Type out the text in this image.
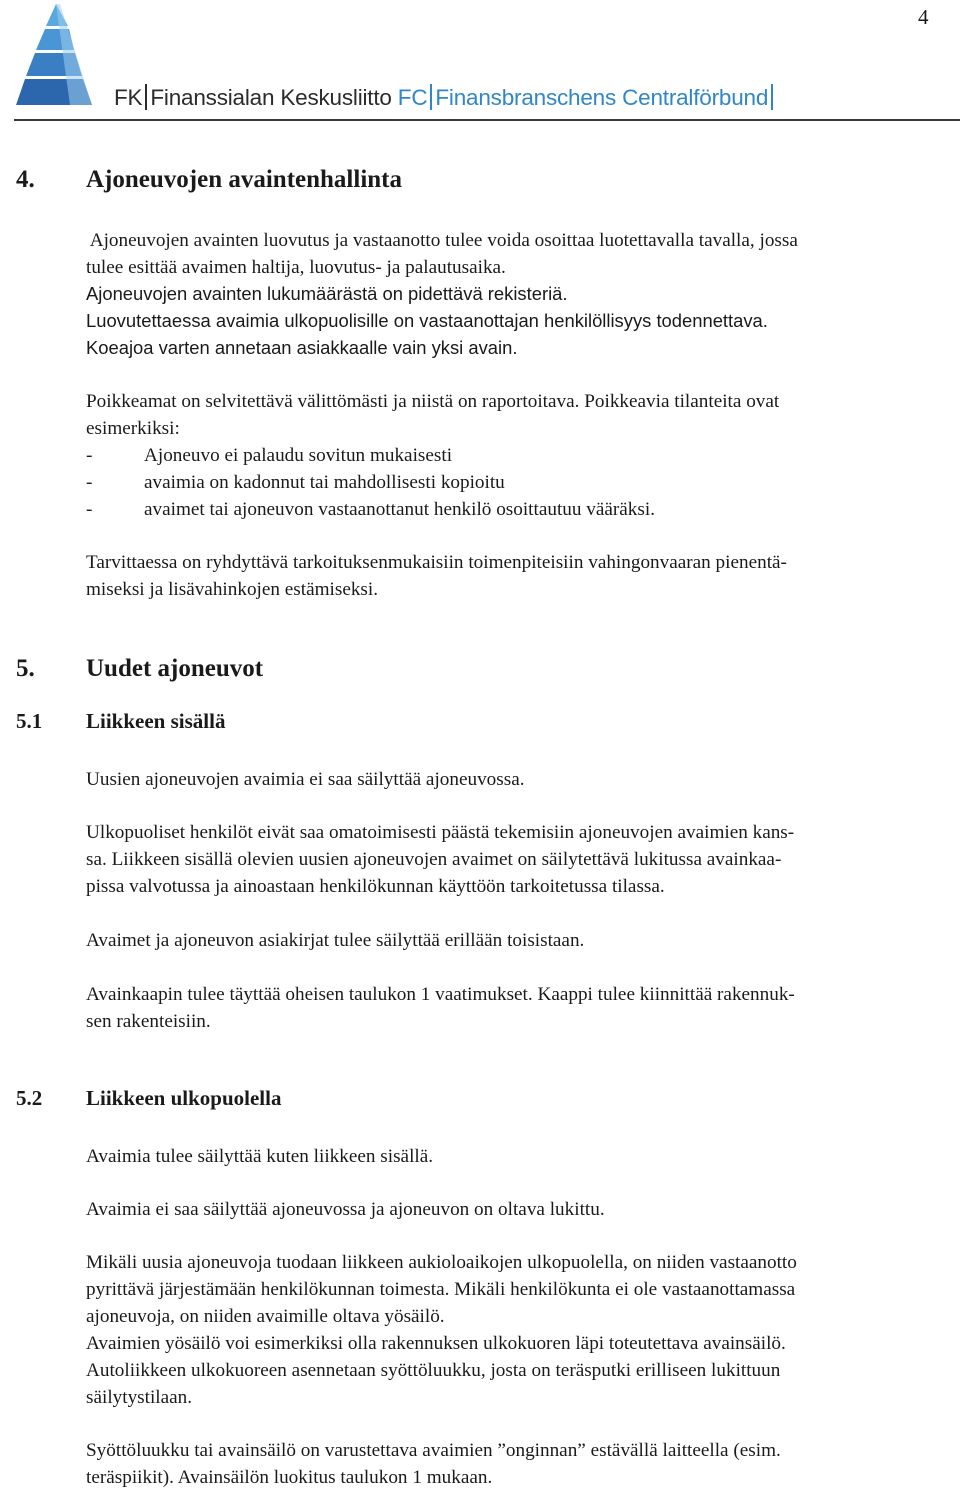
4
FK Finanssialan Keskusliitto FC Finansbranschens Centralförbund
4. Ajoneuvojen avaintenhallinta
Ajoneuvojen avainten luovutus ja vastaanotto tulee voida osoittaa luotettavalla tavalla, jossa
tulee esittää avaimen haltija, luovutus- ja palautusaika.
Ajoneuvojen avainten lukumäärästä on pidettävä rekisteriä.
Luovutettaessa avaimia ulkopuolisille on vastaanottajan henkilöllisyys todennettava.
Koeajoa varten annetaan asiakkaalle vain yksi avain.
Poikkeamat on selvitettävä välittömästi ja niistä on raportoitava. Poikkeavia tilanteita ovat
esimerkiksi:
-	Ajoneuvo ei palaudu sovitun mukaisesti
-	avaimia on kadonnut tai mahdollisesti kopioitu
-	avaimet tai ajoneuvon vastaanottanut henkilö osoittautuu vääräksi.
Tarvittaessa on ryhdyttävä tarkoituksenmukaisiin toimenpiteisiin vahingonvaaran pienentä-
miseksi ja lisävahinkojen estämiseksi.
5. Uudet ajoneuvot
5.1 Liikkeen sisällä
Uusien ajoneuvojen avaimia ei saa säilyttää ajoneuvossa.
Ulkopuoliset henkilöt eivät saa omatoimisesti päästä tekemisiin ajoneuvojen avaimien kans-
sa. Liikkeen sisällä olevien uusien ajoneuvojen avaimet on säilytettävä lukitussa avainkaa-
pissa valvotussa ja ainoastaan henkilökunnan käyttöön tarkoitetussa tilassa.
Avaimet ja ajoneuvon asiakirjat tulee säilyttää erillään toisistaan.
Avainkaapin tulee täyttää oheisen taulukon 1 vaatimukset. Kaappi tulee kiinnittää rakennuk-
sen rakenteisiin.
5.2 Liikkeen ulkopuolella
Avaimia tulee säilyttää kuten liikkeen sisällä.
Avaimia ei saa säilyttää ajoneuvossa ja ajoneuvon on oltava lukittu.
Mikäli uusia ajoneuvoja tuodaan liikkeen aukioloaikojen ulkopuolella, on niiden vastaanotto
pyrittävä järjestämään henkilökunnan toimesta. Mikäli henkilökunta ei ole vastaanottamassa
ajoneuvoja, on niiden avaimille oltava yösäilö.
Avaimien yösäilö voi esimerkiksi olla rakennuksen ulkokuoren läpi toteutettava avainsäilö.
Autoliikkeen ulkokuoreen asennetaan syöttöluukku, josta on teräsputki erilliseen lukittuun
säilytystilaan.
Syöttöluukku tai avainsäilö on varustettava avaimien ”onginnan” estävällä laitteella (esim.
teräspiikit). Avainsäilön luokitus taulukon 1 mukaan.
